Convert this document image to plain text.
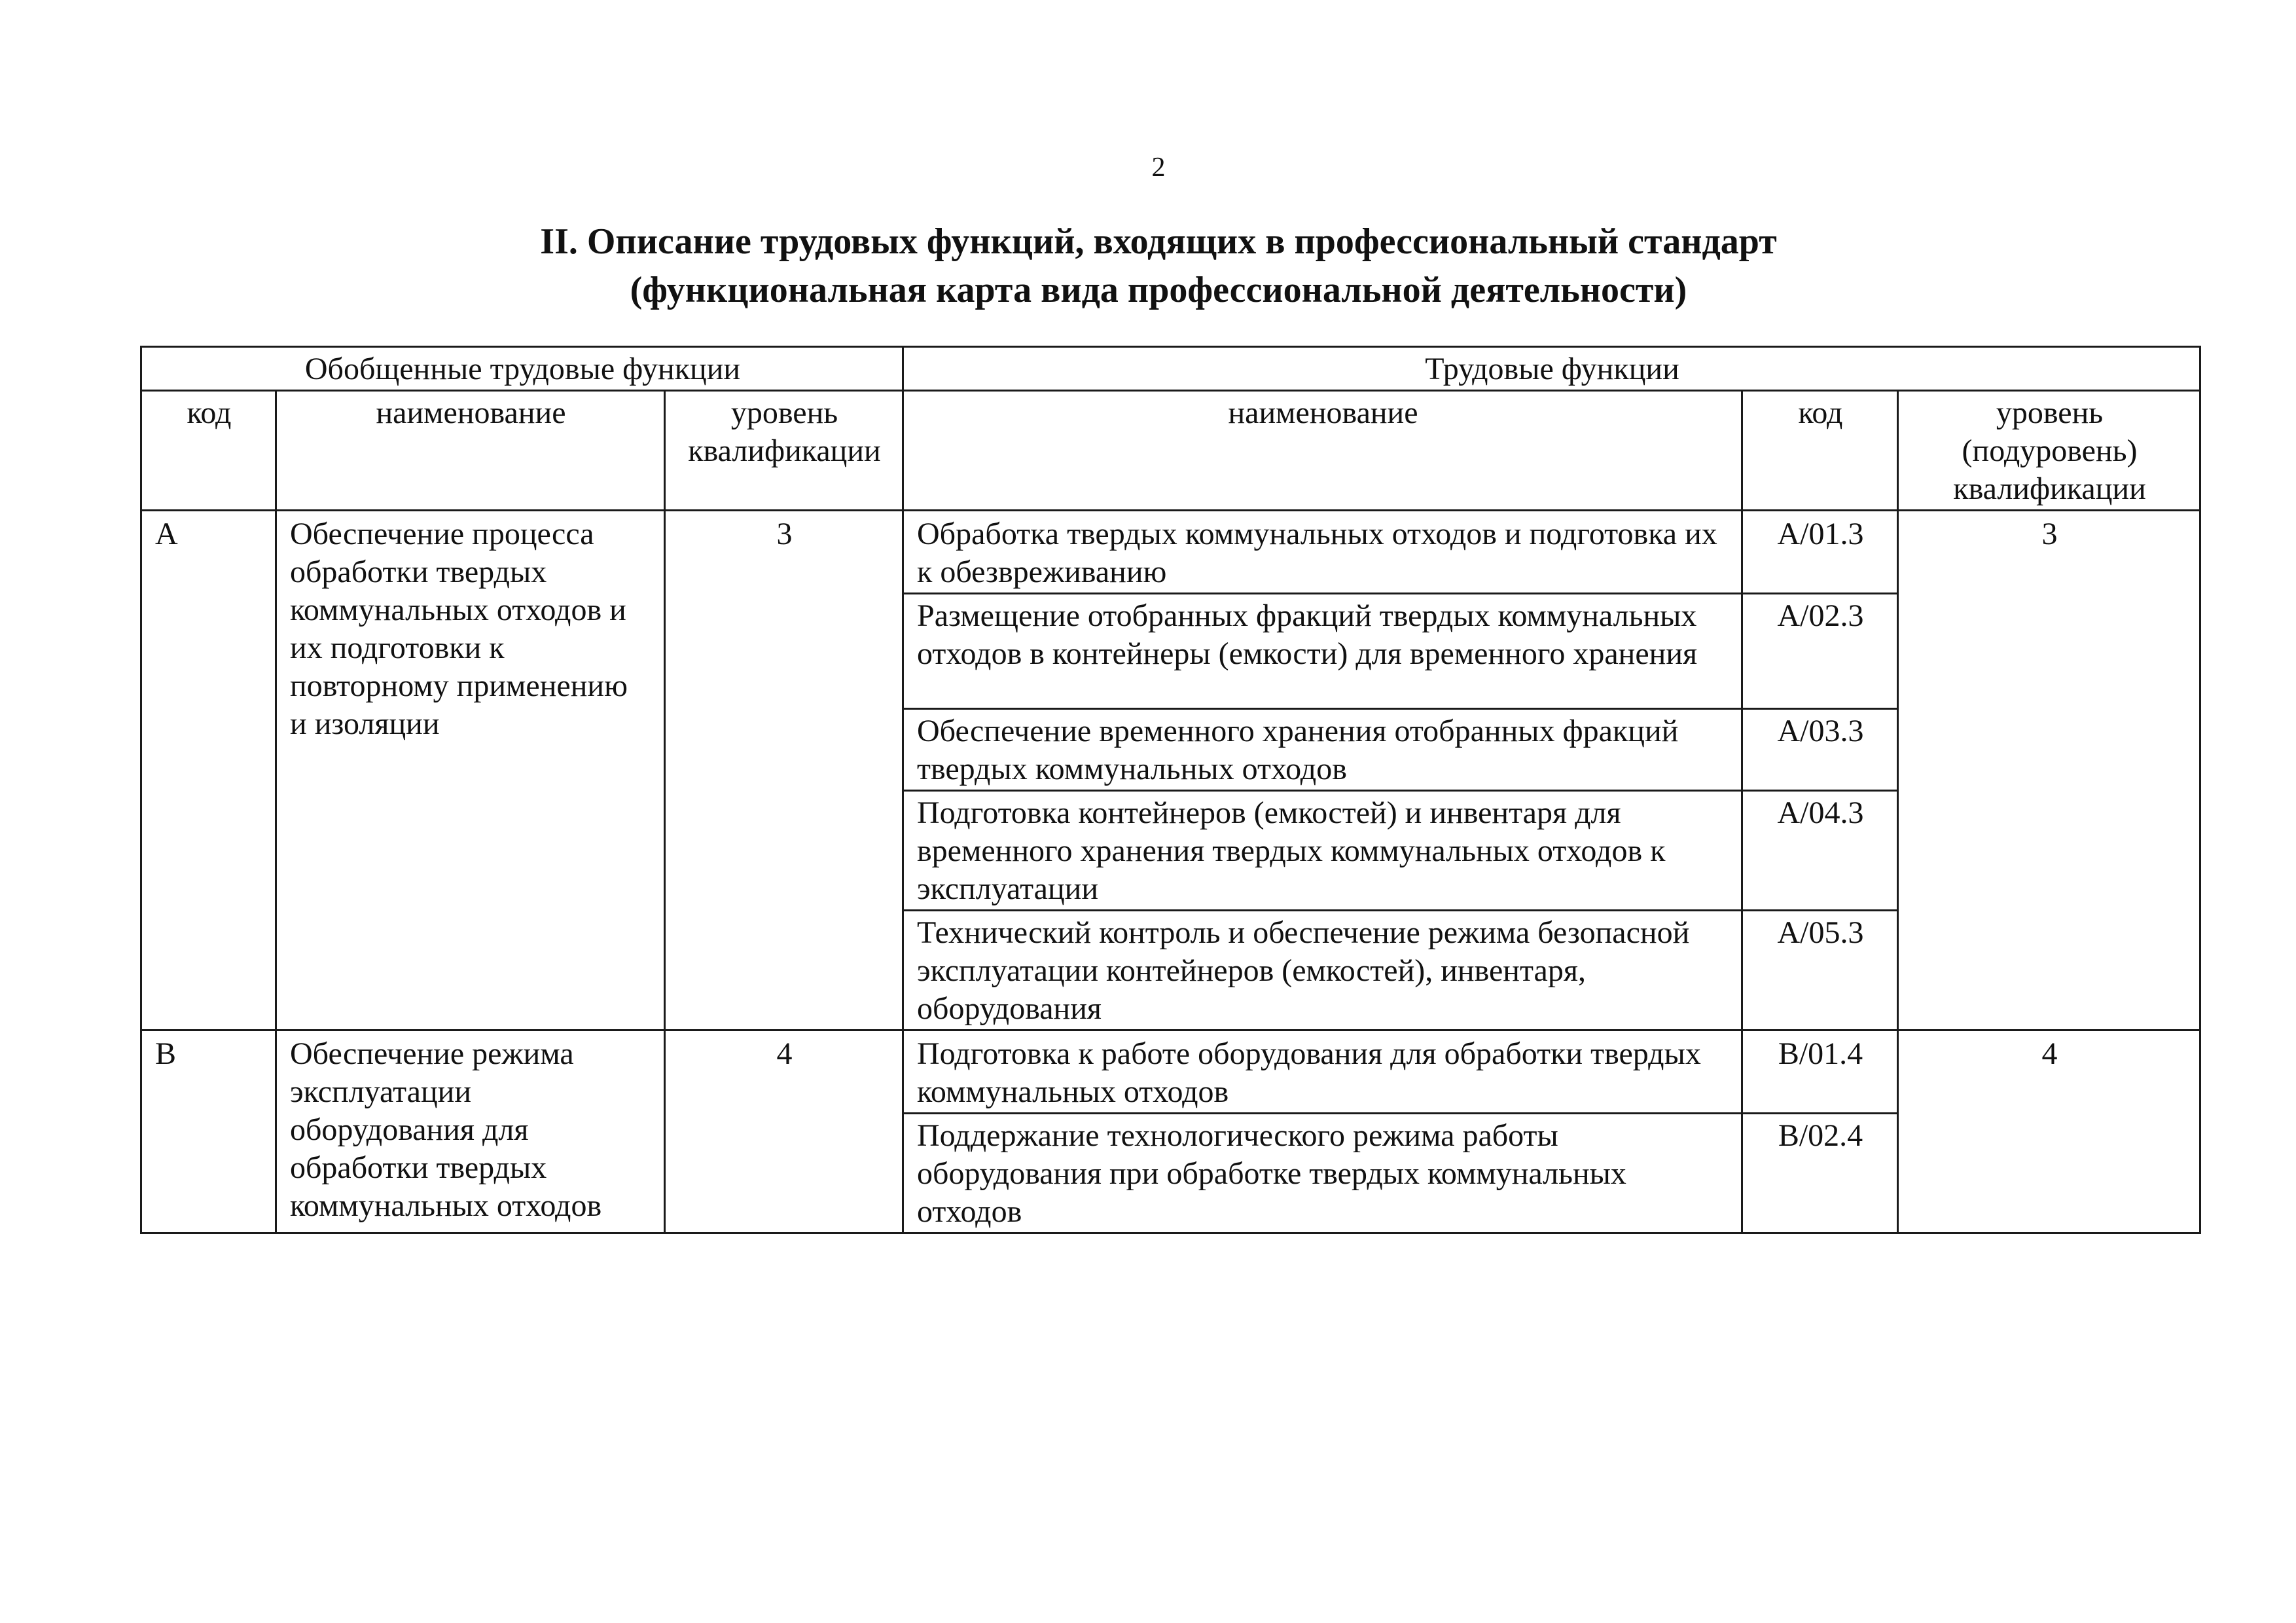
2
II. Описание трудовых функций, входящих в профессиональный стандарт
(функциональная карта вида профессиональной деятельности)
Обобщенные трудовые функции			Трудовые функции		
код	наименование	уровень квалификации	наименование	код	уровень (подуровень) квалификации
A	Обеспечение процесса обработки твердых коммунальных отходов и их подготовки к повторному применению и изоляции	3	Обработка твердых коммунальных отходов и подготовка их к обезвреживанию	A/01.3	3
			Размещение отобранных фракций твердых коммунальных отходов в контейнеры (емкости) для временного хранения	A/02.3	
			Обеспечение временного хранения отобранных фракций твердых коммунальных отходов	A/03.3	
			Подготовка контейнеров (емкостей) и инвентаря для временного хранения твердых коммунальных отходов к эксплуатации	A/04.3	
			Технический контроль и обеспечение режима безопасной эксплуатации контейнеров (емкостей), инвентаря, оборудования	A/05.3	
B	Обеспечение режима эксплуатации оборудования для обработки твердых коммунальных отходов	4	Подготовка к работе оборудования для обработки твердых коммунальных отходов	B/01.4	4
			Поддержание технологического режима работы оборудования при обработке твердых коммунальных отходов	B/02.4	
